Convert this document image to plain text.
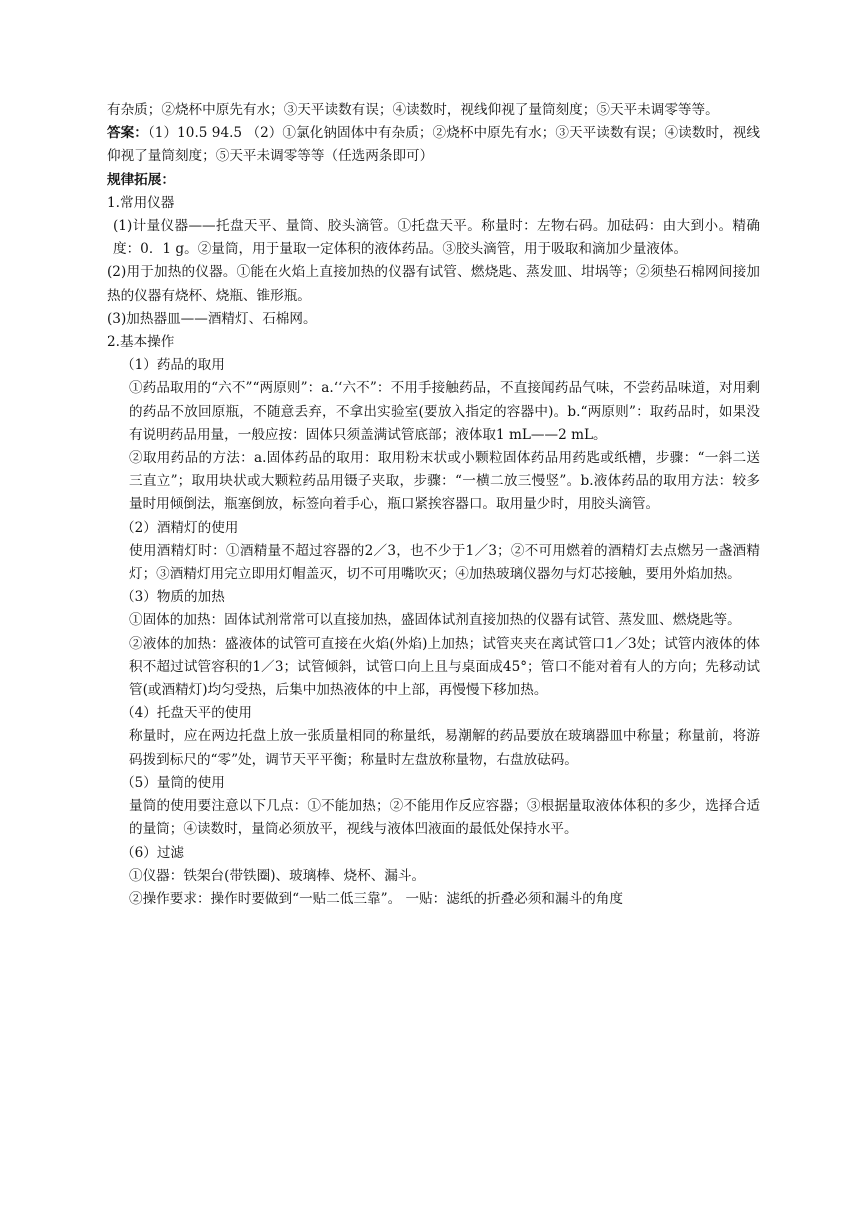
有杂质；②烧杯中原先有水；③天平读数有误；④读数时，视线仰视了量筒刻度；⑤天平未调零等等。

答案：（1）10.5 94.5 （2）①氯化钠固体中有杂质；②烧杯中原先有水；③天平读数有误；④读数时，视线仰视了量筒刻度；⑤天平未调零等等（任选两条即可）

规律拓展：

1.常用仪器

(1)计量仪器——托盘天平、量筒、胶头滴管。①托盘天平。称量时：左物右码。加砝码：由大到小。精确度：0．1 g。②量筒，用于量取一定体积的液体药品。③胶头滴管，用于吸取和滴加少量液体。

(2)用于加热的仪器。①能在火焰上直接加热的仪器有试管、燃烧匙、蒸发皿、坩埚等；②须垫石棉网间接加热的仪器有烧杯、烧瓶、锥形瓶。

(3)加热器皿——酒精灯、石棉网。

2.基本操作

（1）药品的取用

①药品取用的“六不”“两原则”：a.‘‘六不”：不用手接触药品，不直接闻药品气味，不尝药品味道，对用剩的药品不放回原瓶，不随意丢弃，不拿出实验室(要放入指定的容器中)。b.“两原则”：取药品时，如果没有说明药品用量，一般应按：固体只须盖满试管底部；液体取1 mL——2 mL。

②取用药品的方法：a.固体药品的取用：取用粉末状或小颗粒固体药品用药匙或纸槽，步骤：“一斜二送三直立”；取用块状或大颗粒药品用镊子夹取，步骤：“一横二放三慢竖”。b.液体药品的取用方法：较多量时用倾倒法，瓶塞倒放，标签向着手心，瓶口紧挨容器口。取用量少时，用胶头滴管。

（2）酒精灯的使用

使用酒精灯时：①酒精量不超过容器的2／3，也不少于1／3；②不可用燃着的酒精灯去点燃另一盏酒精灯；③酒精灯用完立即用灯帽盖灭，切不可用嘴吹灭；④加热玻璃仪器勿与灯芯接触，要用外焰加热。

（3）物质的加热

①固体的加热：固体试剂常常可以直接加热，盛固体试剂直接加热的仪器有试管、蒸发皿、燃烧匙等。

②液体的加热：盛液体的试管可直接在火焰(外焰)上加热；试管夹夹在离试管口1／3处；试管内液体的体积不超过试管容积的1／3；试管倾斜，试管口向上且与桌面成45°；管口不能对着有人的方向；先移动试管(或酒精灯)均匀受热，后集中加热液体的中上部，再慢慢下移加热。

（4）托盘天平的使用

称量时，应在两边托盘上放一张质量相同的称量纸，易潮解的药品要放在玻璃器皿中称量；称量前，将游码拨到标尺的“零”处，调节天平平衡；称量时左盘放称量物，右盘放砝码。

（5）量筒的使用

量筒的使用要注意以下几点：①不能加热；②不能用作反应容器；③根据量取液体体积的多少，选择合适的量筒；④读数时，量筒必须放平，视线与液体凹液面的最低处保持水平。

（6）过滤

①仪器：铁架台(带铁圈)、玻璃棒、烧杯、漏斗。

②操作要求：操作时要做到“一贴二低三靠”。 一贴：滤纸的折叠必须和漏斗的角度
